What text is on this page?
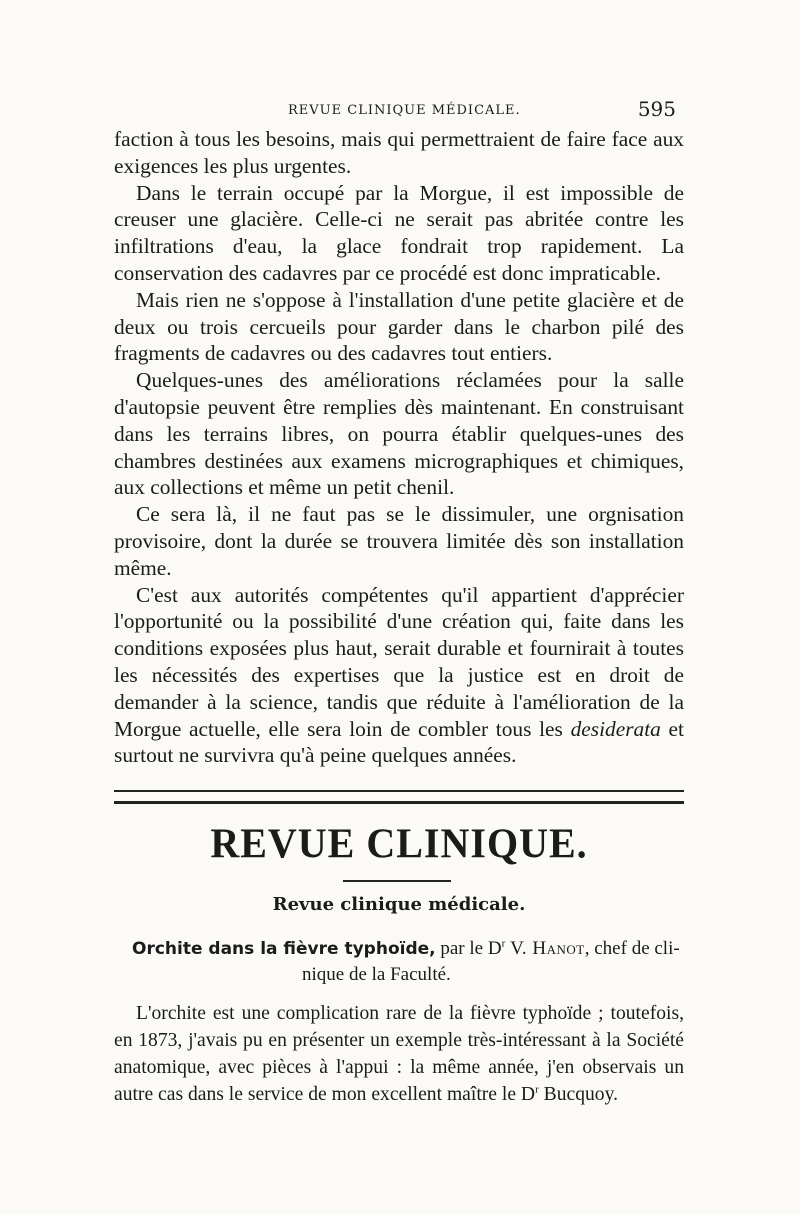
REVUE CLINIQUE MÉDICALE.	595

faction à tous les besoins, mais qui permettraient de faire face aux exigences les plus urgentes.

Dans le terrain occupé par la Morgue, il est impossible de creuser une glacière. Celle-ci ne serait pas abritée contre les infiltrations d'eau, la glace fondrait trop rapidement. La conservation des cadavres par ce procédé est donc impraticable.

Mais rien ne s'oppose à l'installation d'une petite glacière et de deux ou trois cercueils pour garder dans le charbon pilé des fragments de cadavres ou des cadavres tout entiers.

Quelques-unes des améliorations réclamées pour la salle d'autopsie peuvent être remplies dès maintenant. En construisant dans les terrains libres, on pourra établir quelques-unes des chambres destinées aux examens micrographiques et chimiques, aux collections et même un petit chenil.

Ce sera là, il ne faut pas se le dissimuler, une orgnisation provisoire, dont la durée se trouvera limitée dès son installation même.

C'est aux autorités compétentes qu'il appartient d'apprécier l'opportunité ou la possibilité d'une création qui, faite dans les conditions exposées plus haut, serait durable et fournirait à toutes les nécessités des expertises que la justice est en droit de demander à la science, tandis que réduite à l'amélioration de la Morgue actuelle, elle sera loin de combler tous les desiderata et surtout ne survivra qu'à peine quelques années.

REVUE CLINIQUE.
Revue clinique médicale.
Orchite dans la fièvre typhoïde, par le $D^r$ V. Hanot, chef de cli-
nique de la Faculté.

L'orchite est une complication rare de la fièvre typhoïde ; toutefois, en 1873, j'avais pu en présenter un exemple très-intéressant à la Société anatomique, avec pièces à l'appui : la même année, j'en observais un autre cas dans le service de mon excellent maître le $D^r$ Bucquoy.
